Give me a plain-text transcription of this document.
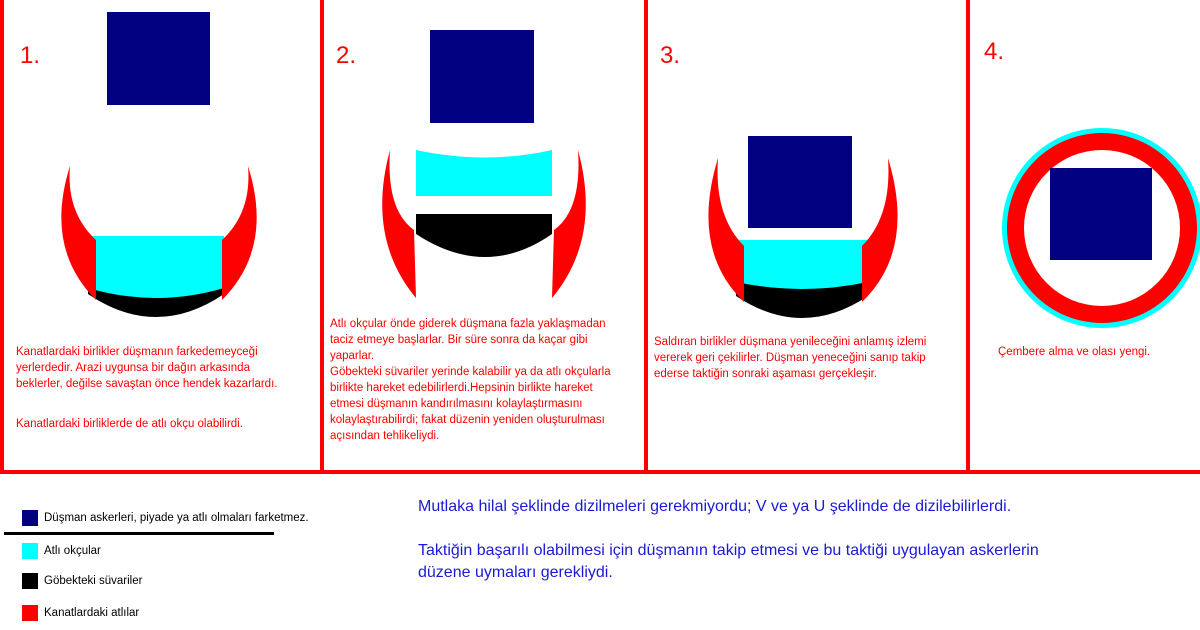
1.

Kanatlardaki birlikler düşmanın farkedemeyceği

yerlerdedir. Arazi uygunsa bir dağın arkasında

beklerler, değilse savaştan önce hendek kazarlardı.

Kanatlardaki birliklerde de atlı okçu olabilirdi.

2.

Atlı okçular önde giderek düşmana fazla yaklaşmadan

taciz etmeye başlarlar. Bir süre sonra da kaçar gibi

yaparlar.

Göbekteki süvariler yerinde kalabilir ya da atlı okçularla

birlikte hareket edebilirlerdi.Hepsinin birlikte hareket

etmesi düşmanın kandırılmasını kolaylaştırmasını

kolaylaştırabilirdi; fakat düzenin yeniden oluşturulması

açısından tehlikeliydi.

3.

Saldıran birlikler düşmana yenileceğini anlamış izlemi

vererek geri çekilirler. Düşman yeneceğini sanıp takip

ederse taktiğin sonraki aşaması gerçekleşir.

4.

Çembere alma ve olası yengi.

Düşman askerleri, piyade ya atlı olmaları farketmez.
Atlı okçular
Göbekteki süvariler
Kanatlardaki atlılar
Mutlaka hilal şeklinde dizilmeleri gerekmiyordu; V ve ya U şeklinde de dizilebilirlerdi.
Taktiğin başarılı olabilmesi için düşmanın takip etmesi ve bu taktiği uygulayan askerlerin
düzene uymaları gerekliydi.
